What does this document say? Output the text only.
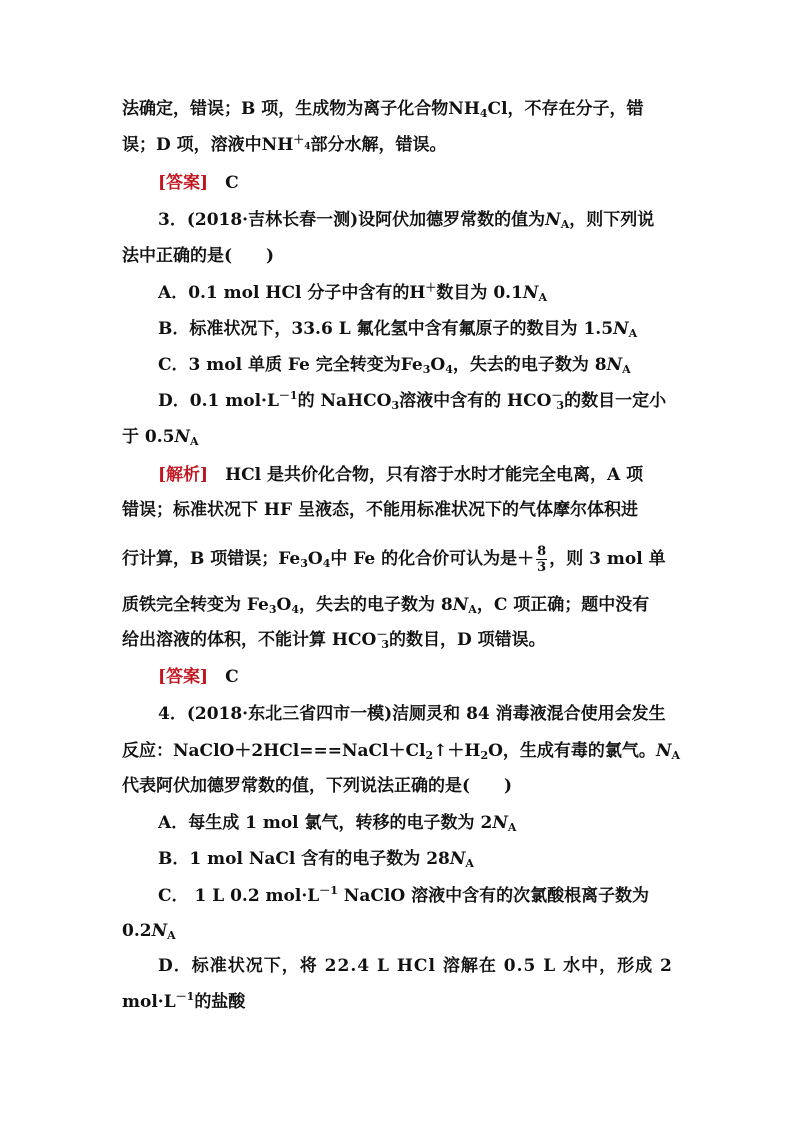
法确定，错误；B 项，生成物为离子化合物$NH_4Cl$，不存在分子，错
误；D 项，溶液中$NH^{+_4}$部分水解，错误。
[答案]　 C
3．(2018·吉林长春一测)设阿伏加德罗常数的值为$N_A$，则下列说
法中正确的是(　　)
A．0.1 mol HCl 分子中含有的H＋数目为 $0.1N_A$
B．标准状况下，33.6 L 氟化氢中含有氟原子的数目为 $1.5N_A$
C．3 mol 单质 Fe 完全转变为$Fe_3O_4$，失去的电子数为 $8N_A$
D．0.1 $mol\cdot L^{-1}$的 NaHCO$_3$溶液中含有的 $HCO^-_3$的数目一定小
于 $0.5N_A$
[解析]　HCl 是共价化合物，只有溶于水时才能完全电离，A 项
错误；标准状况下 HF 呈液态，不能用标准状况下的气体摩尔体积进
行计算，B 项错误；$Fe_3O_4$中 Fe 的化合价可认为是＋ $\frac{8}{3}$ ，则 3 mol 单
质铁完全转变为 $Fe_3O_4$，失去的电子数为 $8N_A$，C 项正确；题中没有
给出溶液的体积，不能计算 $HCO^-_3$的数目，D 项错误。
[答案]　 C
4．(2018·东北三省四市一模)洁厕灵和 84 消毒液混合使用会发生
反应：$NaClO+2HCl===NaCl+Cl_2↑+H_2O$，生成有毒的氯气。$N_A$
代表阿伏加德罗常数的值，下列说法正确的是(　　)
A．每生成 1 mol 氯气，转移的电子数为 $2N_A$
B．1 mol NaCl 含有的电子数为 $28N_A$
C． 1 L 0.2 $mol\cdot L^{-1}$ NaClO 溶液中含有的次氯酸根离子数为
$0.2N_A$
D．标准状况下，将 22.4 L HCl 溶解在 0.5 L 水中，形成 2
$mol\cdot L^{-1}$的盐酸
